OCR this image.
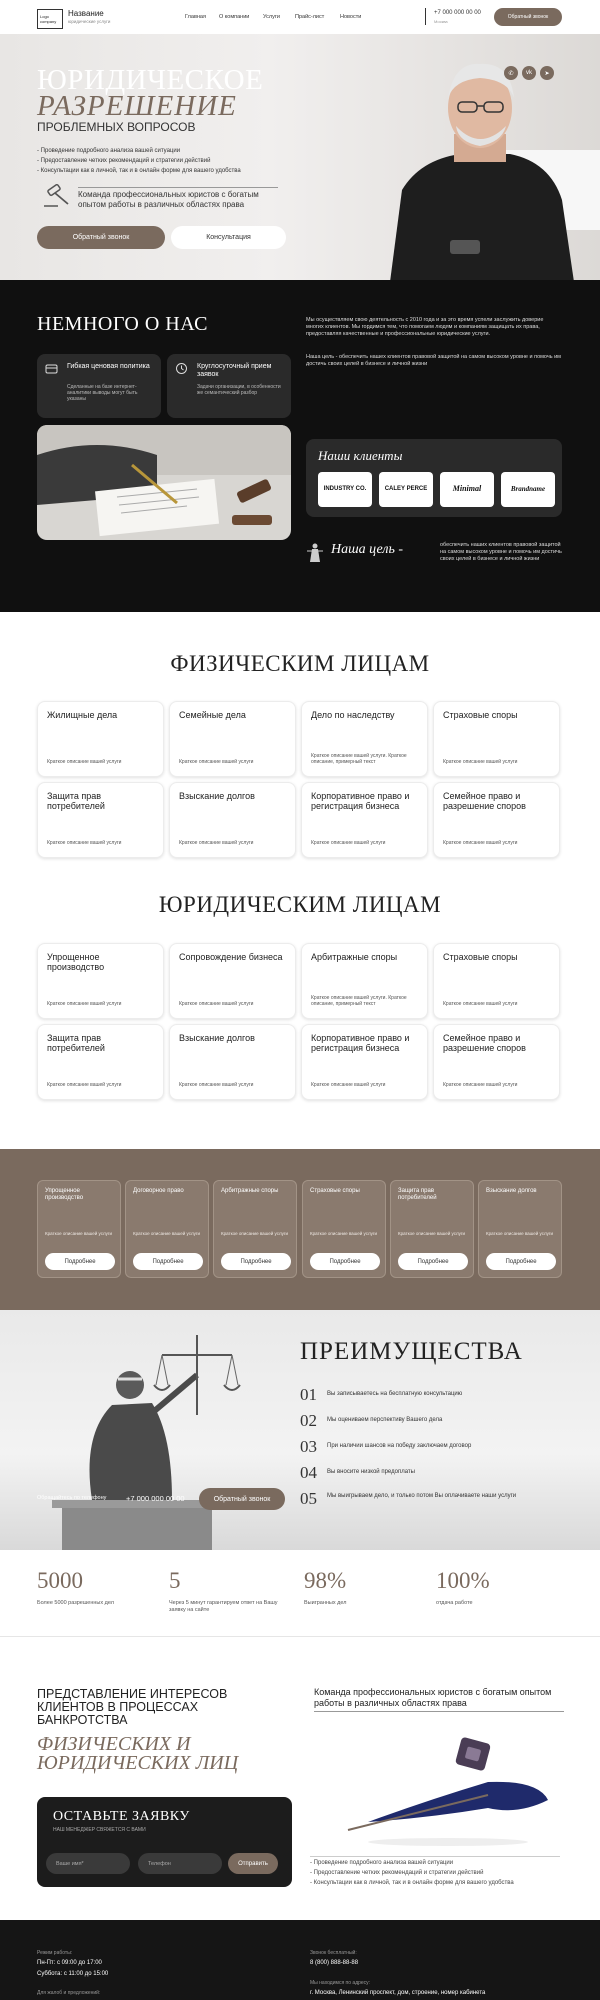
Logo company
Название
юридические услуги
Главная О компании Услуги	Прайс-лист	Новости
+7 000 000 00 00
Москва
Обратный звонок
ЮРИДИЧЕСКОЕ
РАЗРЕШЕНИЕ
ПРОБЛЕМНЫХ ВОПРОСОВ
- Проведение подробного анализа вашей ситуации
- Предоставление четких рекомендаций и стратегии действий
- Консультации как в личной, так и в онлайн форме для вашего удобства
Команда профессиональных юристов с богатым опытом работы в различных областях права
Обратный звонок	Консультация
✆	vk	➤
НЕМНОГО О НАС
Гибкая ценовая политика
Сделанные на базе интернет-аналитики выводы могут быть указаны
Круглосуточный прием заявок
Задачи организации, в особенности же семантический разбор
Мы осуществляем свою деятельность с 2010 года и за это время успели заслужить доверие многих клиентов. Мы гордимся тем, что помогаем людям и компаниям защищать их права, предоставляя качественные и профессиональные юридические услуги.
Наша цель - обеспечить нашех клиентов правовой защитой на самом высоком уровне и помочь им достичь своих целей в бизнесе и личной жизни
Наши клиенты
INDUSTRY CO.	CALEY PERCE	Minimal	Brandname
Наша цель -	обеспечить наших клиентов правовой защитой на самом высоком уровне и помочь им достичь своих целей в бизнесе и личной жизни
ФИЗИЧЕСКИМ ЛИЦАМ
ЮРИДИЧЕСКИМ ЛИЦАМ
Упрощенное производство
Краткое описание вашей услуги
Подробнее
Договорное право
Краткое описание вашей услуги
Подробнее
Арбитражные споры
Краткое описание вашей услуги
Подробнее
Страховые споры
Краткое описание вашей услуги
Подробнее
Защита прав потребителей
Краткое описание вашей услуги
Подробнее
Взыскание долгов
Краткое описание вашей услуги
Подробнее
ПРЕИМУЩЕСТВА
01 Вы записываетесь на бесплатную консультацию
02 Мы оцениваем перспективу Вашего дела
03 При наличии шансов на победу заключаем договор
04 Вы вносите низкой предоплаты
05 Мы выигрываем дело, и только потом Вы оплачиваете наши услуги
Обращайтесь по телефону	+7 000 000 00 00	Обратный звонок
5000
Более 5000 разрешенных дел
5
Через 5 минут гарантируем ответ на Вашу заявку на сайте
98%
Выигранных дел
100%
отдача работе
ПРЕДСТАВЛЕНИЕ ИНТЕРЕСОВ КЛИЕНТОВ В ПРОЦЕССАХ БАНКРОТСТВА
ФИЗИЧЕСКИХ И ЮРИДИЧЕСКИХ ЛИЦ
ОСТАВЬТЕ ЗАЯВКУ
НАШ МЕНЕДЖЕР СВЯЖЕТСЯ С ВАМИ
Ваше имя*
Телефон
Отправить
Команда профессиональных юристов с богатым опытом работы в различных областях права
- Проведение подробного анализа вашей ситуации
- Предоставление четких рекомендаций и стратегии действий
- Консультации как в личной, так и в онлайн форме для вашего удобства
Режим работы:
Пн-Пт: с 09:00 до 17:00
Суббота: с 11:00 до 15:00
Для жалоб и предложений:
Звонок бесплатный:
8 (800) 888-88-88
Мы находимся по адресу:
г. Москва, Ленинский проспект, дом, строение, номер кабинета
Жилищные дела
Краткое описание вашей услуги
Семейные дела
Краткое описание вашей услуги
Дело по наследству
Краткое описание вашей услуги. Краткое описание, примерный текст
Страховые споры
Краткое описание вашей услуги
Защита прав потребителей
Краткое описание вашей услуги
Взыскание долгов
Краткое описание вашей услуги
Корпоративное право и регистрация бизнеса
Краткое описание вашей услуги
Семейное право и разрешение споров
Краткое описание вашей услуги
Упрощенное производство
Краткое описание вашей услуги
Сопровождение бизнеса
Краткое описание вашей услуги
Арбитражные споры
Краткое описание вашей услуги. Краткое описание, примерный текст
Страховые споры
Краткое описание вашей услуги
Защита прав потребителей
Краткое описание вашей услуги
Взыскание долгов
Краткое описание вашей услуги
Корпоративное право и регистрация бизнеса
Краткое описание вашей услуги
Семейное право и разрешение споров
Краткое описание вашей услуги
